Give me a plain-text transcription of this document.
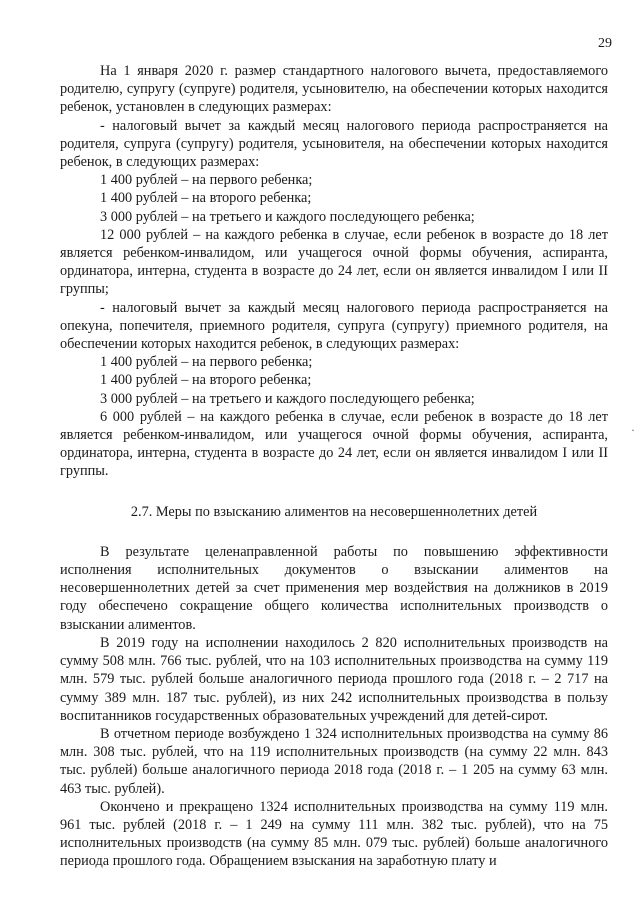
29

На 1 января 2020 г. размер стандартного налогового вычета, предоставляемого родителю, супругу (супруге) родителя, усыновителю, на обеспечении которых находится ребенок, установлен в следующих размерах:

- налоговый вычет за каждый месяц налогового периода распространяется на родителя, супруга (супругу) родителя, усыновителя, на обеспечении которых находится ребенок, в следующих размерах:

1 400 рублей – на первого ребенка;

1 400 рублей – на второго ребенка;

3 000 рублей – на третьего и каждого последующего ребенка;

12 000 рублей – на каждого ребенка в случае, если ребенок в возрасте до 18 лет является ребенком-инвалидом, или учащегося очной формы обучения, аспиранта, ординатора, интерна, студента в возрасте до 24 лет, если он является инвалидом I или II группы;

- налоговый вычет за каждый месяц налогового периода распространяется на опекуна, попечителя, приемного родителя, супруга (супругу) приемного родителя, на обеспечении которых находится ребенок, в следующих размерах:

1 400 рублей – на первого ребенка;

1 400 рублей – на второго ребенка;

3 000 рублей – на третьего и каждого последующего ребенка;

6 000 рублей – на каждого ребенка в случае, если ребенок в возрасте до 18 лет является ребенком-инвалидом, или учащегося очной формы обучения, аспиранта, ординатора, интерна, студента в возрасте до 24 лет, если он является инвалидом I или II группы.

2.7. Меры по взысканию алиментов на несовершеннолетних детей

В результате целенаправленной работы по повышению эффективности исполнения исполнительных документов о взыскании алиментов на несовершеннолетних детей за счет применения мер воздействия на должников в 2019 году обеспечено сокращение общего количества исполнительных производств о взыскании алиментов.

В 2019 году на исполнении находилось 2 820 исполнительных производств на сумму 508 млн. 766 тыс. рублей, что на 103 исполнительных производства на сумму 119 млн. 579 тыс. рублей больше аналогичного периода прошлого года (2018 г. – 2 717 на сумму 389 млн. 187 тыс. рублей), из них 242 исполнительных производства в пользу воспитанников государственных образовательных учреждений для детей-сирот.

В отчетном периоде возбуждено 1 324 исполнительных производства на сумму 86 млн. 308 тыс. рублей, что на 119 исполнительных производств (на сумму 22 млн. 843 тыс. рублей) больше аналогичного периода 2018 года (2018 г. – 1 205 на сумму 63 млн. 463 тыс. рублей).

Окончено и прекращено 1324 исполнительных производства на сумму 119 млн. 961 тыс. рублей (2018 г. – 1 249 на сумму 111 млн. 382 тыс. рублей), что на 75 исполнительных производств (на сумму 85 млн. 079 тыс. рублей) больше аналогичного периода прошлого года. Обращением взыскания на заработную плату и

·
